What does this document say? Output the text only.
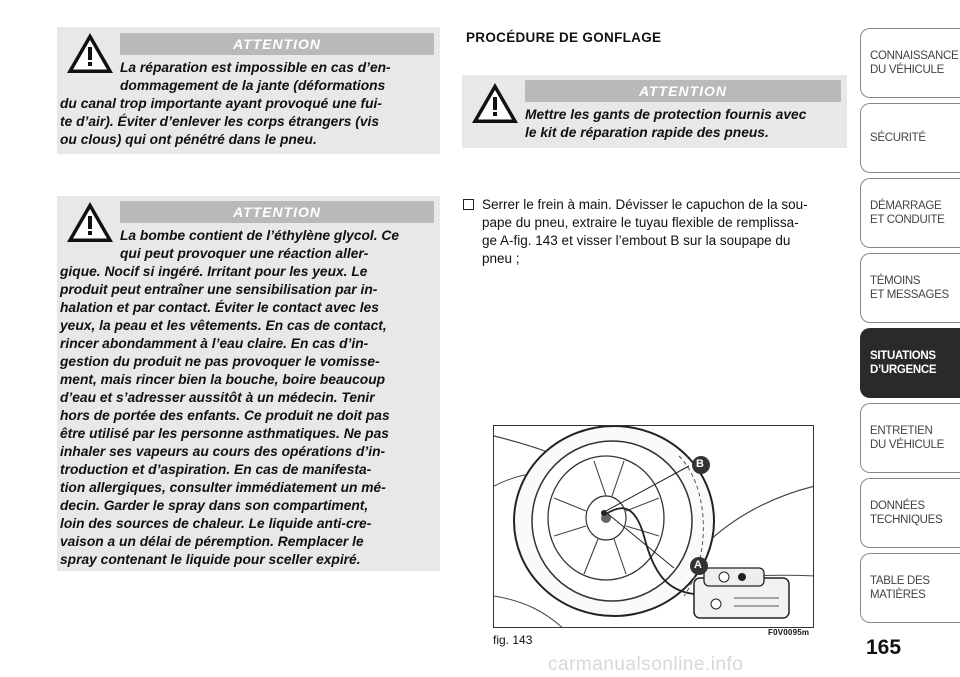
ATTENTION
La réparation est impossible en cas d’en-
dommagement de la jante (déformations
du canal trop importante ayant provoqué une fui-
te d’air). Éviter d’enlever les corps étrangers (vis
ou clous) qui ont pénétré dans le pneu.
ATTENTION
La bombe contient de l’éthylène glycol. Ce
qui peut provoquer une réaction aller-
gique. Nocif si ingéré. Irritant pour les yeux. Le
produit peut entraîner une sensibilisation par in-
halation et par contact. Éviter le contact avec les
yeux, la peau et les vêtements. En cas de contact,
rincer abondamment à l’eau claire. En cas d’in-
gestion du produit ne pas provoquer le vomisse-
ment, mais rincer bien la bouche, boire beaucoup
d’eau et s’adresser aussitôt à un médecin. Tenir
hors de portée des enfants. Ce produit ne doit pas
être utilisé par les personne asthmatiques. Ne pas
inhaler ses vapeurs au cours des opérations d’in-
troduction et d’aspiration. En cas de manifesta-
tion allergiques, consulter immédiatement un mé-
decin. Garder le spray dans son compartiment,
loin des sources de chaleur. Le liquide anti-cre-
vaison a un délai de péremption. Remplacer le
spray contenant le liquide pour sceller expiré.
PROCÉDURE DE GONFLAGE
ATTENTION
Mettre les gants de protection fournis avec
le kit de réparation rapide des pneus.
Serrer le frein à main. Dévisser le capuchon de la sou-
pape du pneu, extraire le tuyau flexible de remplissa-
ge A-fig. 143 et visser l’embout B sur la soupape du
pneu ;
B
A
fig. 143
F0V0095m
CONNAISSANCE
DU VÉHICULE
SÉCURITÉ
DÉMARRAGE
ET CONDUITE
TÉMOINS
ET MESSAGES
SITUATIONS
D’URGENCE
ENTRETIEN
DU VÉHICULE
DONNÉES
TECHNIQUES
TABLE DES
MATIÈRES
165
carmanualsonline.info
